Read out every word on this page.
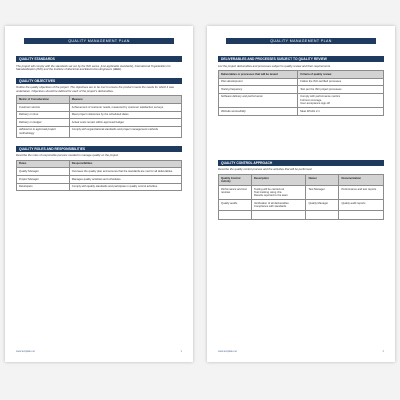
QUALITY MANAGEMENT PLAN
QUALITY STANDARDS
The project will comply with the standards set out by the ISO series. [List applicable standards], International Organization for Standardization (ISO) and the Institute of Electrical and Electronics Engineers (IEEE).
QUALITY OBJECTIVES
Outline the quality objectives of the project. The objectives are to be met to ensure the product meets the needs for which it was undertaken. Objectives should be defined for each of the project's deliverables.
Metric of Consideration	Measure
Customer service	Achievement of customer needs, measured by customer satisfaction surveys
Delivery on time	Meet project milestones by the scheduled dates
Delivery on budget	Actual costs remain within approved budget
Adherence to approved project methodology	Comply with organizational standards and project management methods
QUALITY ROLES AND RESPONSIBILITIES
Describe the roles of responsible persons needed to manage quality on the project.
Roles	Responsibilities
Quality Manager	Oversees the quality plan and ensures that the standards are met for all deliverables.
Project Manager	Manages quality activities and schedules.
Developers	Comply with quality standards and participate in quality control activities.
www.template.net	1
QUALITY MANAGEMENT PLAN
DELIVERABLES AND PROCESSES SUBJECT TO QUALITY REVIEW
List the project deliverables and processes subject to quality review and their requirements.
Deliverables or processes that will be tested	Criteria of quality review
Plan development	Follow the ISO-certified processes
Testing frequency	Test per the ISO project processes
Software delivery and performance	Comply with performance metrics
Full test coverage
User acceptance sign-off

Website accessibility	Meet WCAG 2.1
QUALITY CONTROL APPROACH
Describe the quality control process and the activities that will be performed.
Quality Control Activity	Description	Owner	Documentation
Performance and test reviews	Testing will be carried out
Test tracking using Jira
Results reported to the team	Test Manager	Performance and test reports
Quality audits	Verification of all deliverables
Compliance with standards	Quality Manager	Quality audit reports

www.template.net	2
